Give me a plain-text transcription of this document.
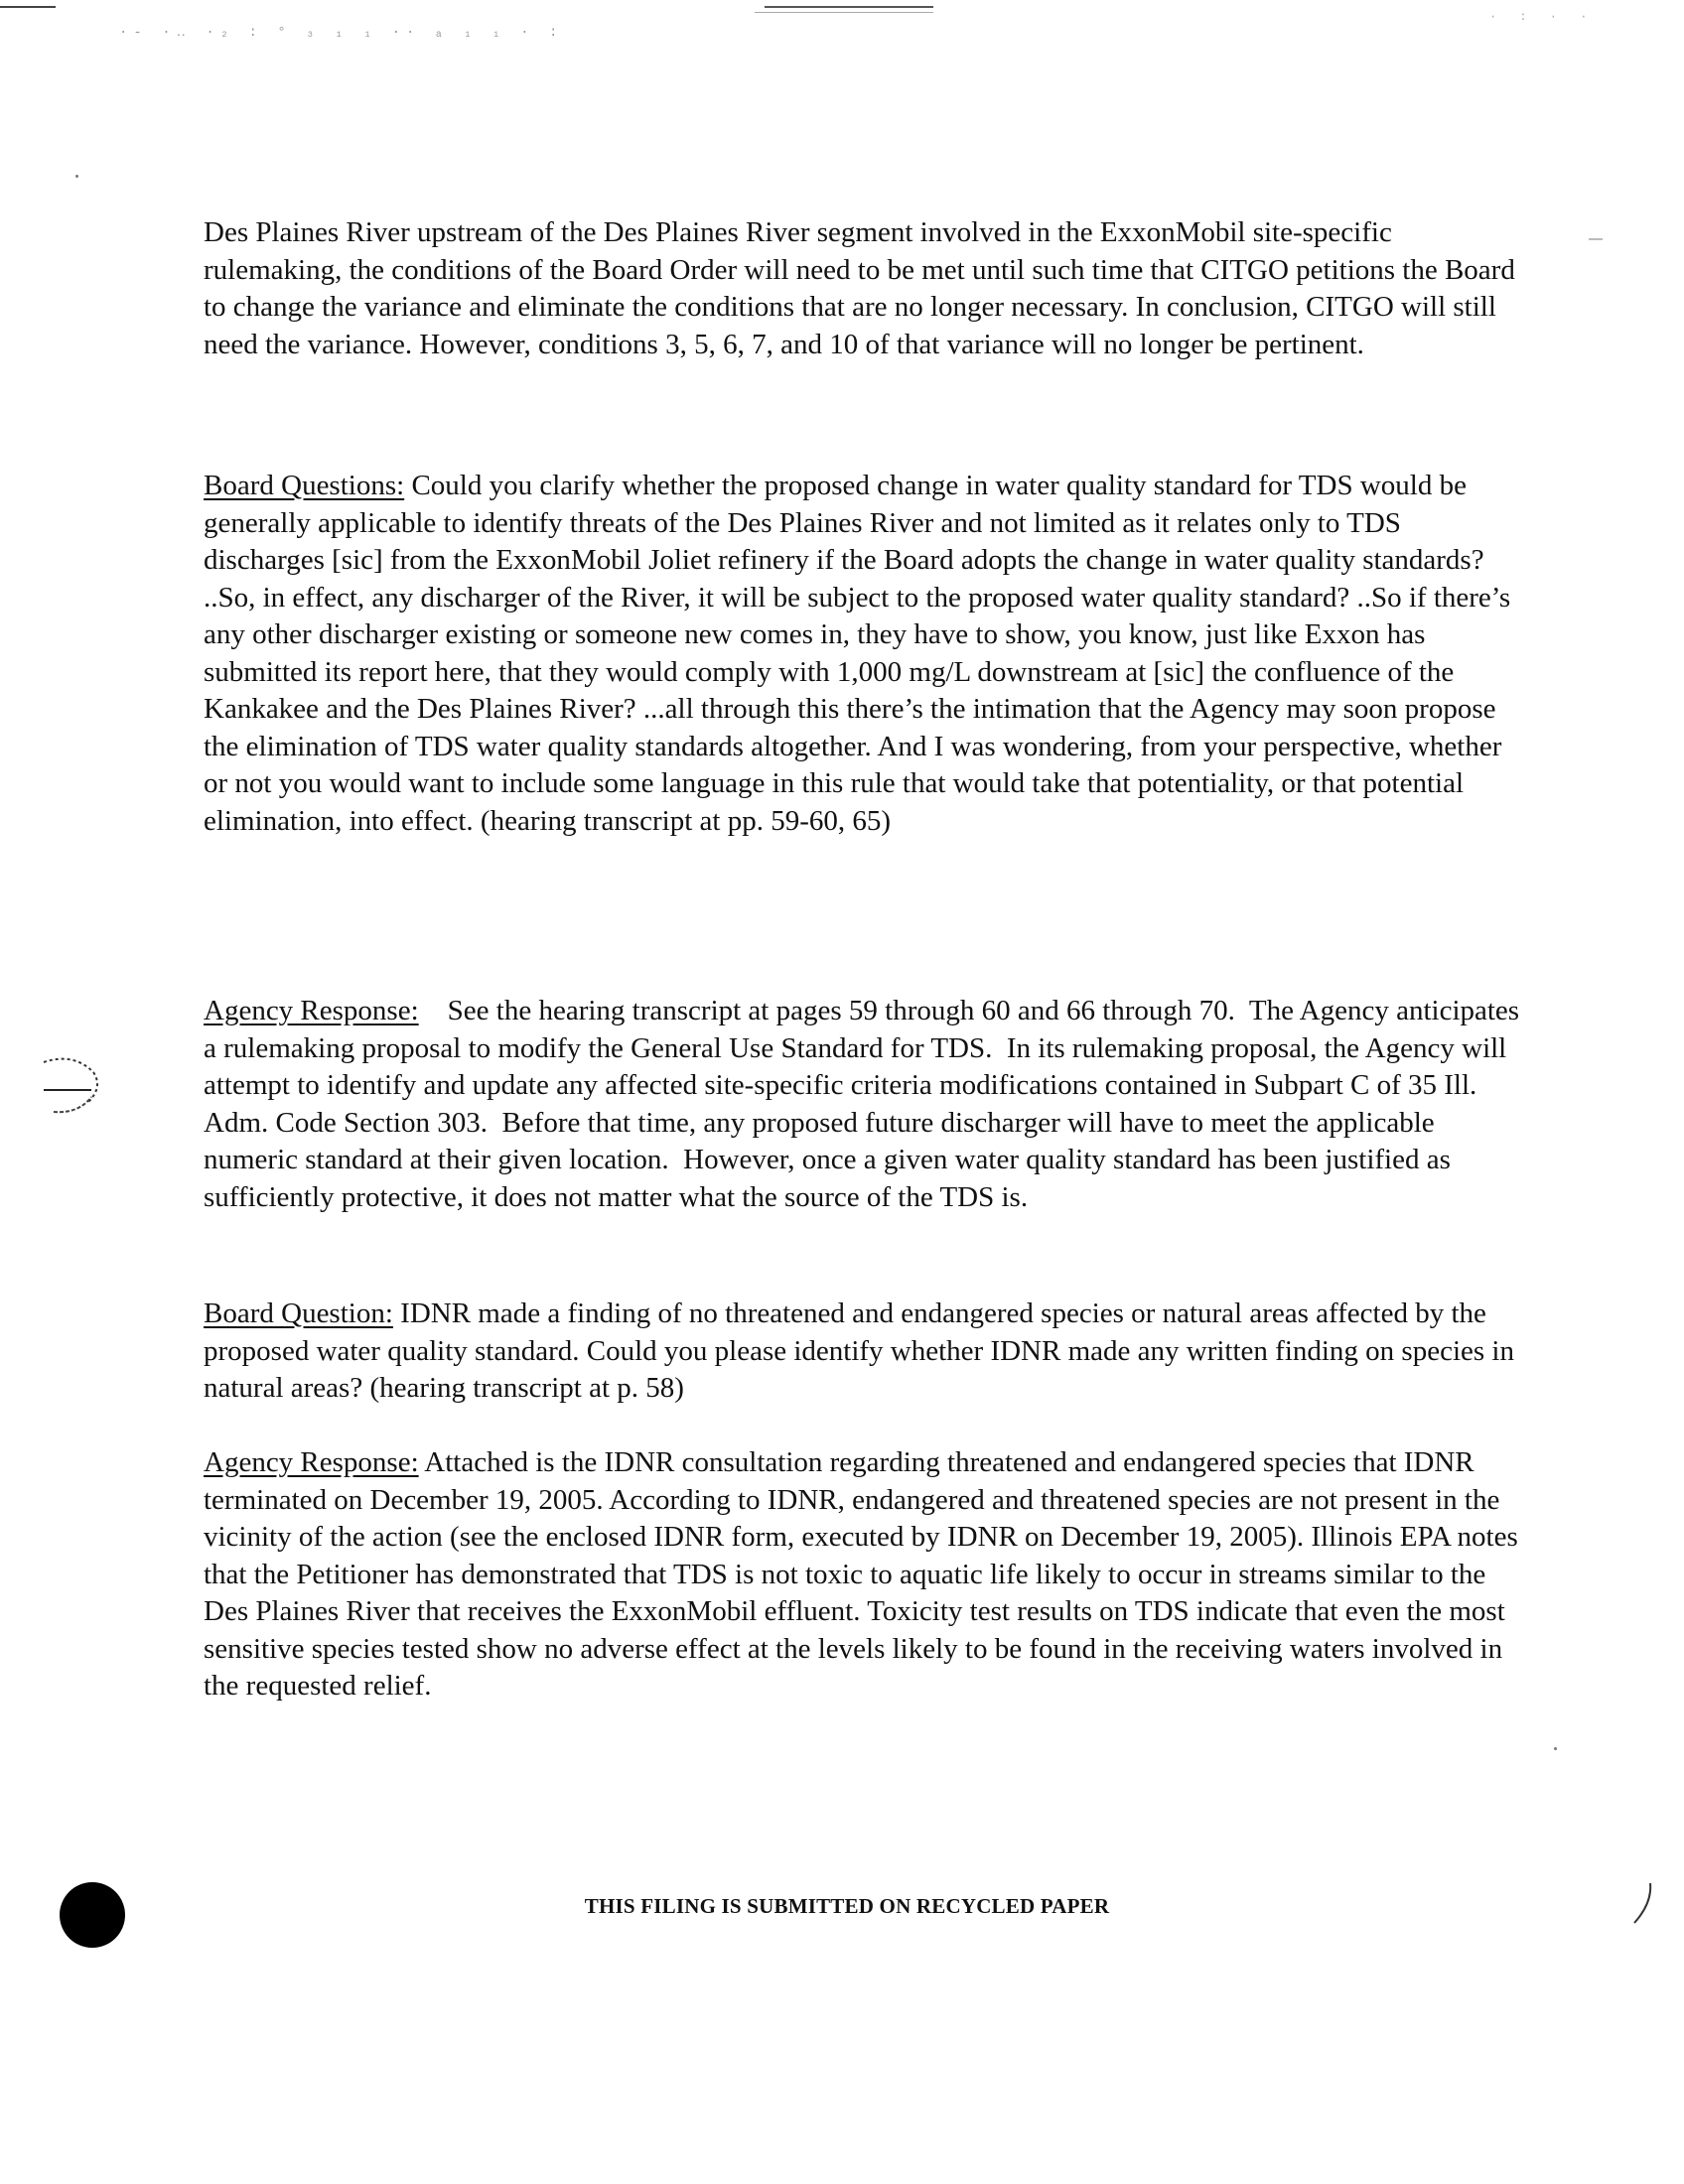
·- ·‥ ·₂ : ° ₃ ₁ ₁ ·· ₐ ₁ ₁ · :
· : · ·

Des Plaines River upstream of the Des Plaines River segment involved in the ExxonMobil site-specific rulemaking, the conditions of the Board Order will need to be met until such time that CITGO petitions the Board to change the variance and eliminate the conditions that are no longer necessary. In conclusion, CITGO will still need the variance. However, conditions 3, 5, 6, 7, and 10 of that variance will no longer be pertinent.

Board Questions: Could you clarify whether the proposed change in water quality standard for TDS would be generally applicable to identify threats of the Des Plaines River and not limited as it relates only to TDS discharges [sic] from the ExxonMobil Joliet refinery if the Board adopts the change in water quality standards? ..So, in effect, any discharger of the River, it will be subject to the proposed water quality standard? ..So if there’s any other discharger existing or someone new comes in, they have to show, you know, just like Exxon has submitted its report here, that they would comply with 1,000 mg/L downstream at [sic] the confluence of the Kankakee and the Des Plaines River? ...all through this there’s the intimation that the Agency may soon propose the elimination of TDS water quality standards altogether. And I was wondering, from your perspective, whether or not you would want to include some language in this rule that would take that potentiality, or that potential elimination, into effect. (hearing transcript at pp. 59-60, 65)

Agency Response:    See the hearing transcript at pages 59 through 60 and 66 through 70.  The Agency anticipates a rulemaking proposal to modify the General Use Standard for TDS.  In its rulemaking proposal, the Agency will attempt to identify and update any affected site-specific criteria modifications contained in Subpart C of 35 Ill. Adm. Code Section 303.  Before that time, any proposed future discharger will have to meet the applicable numeric standard at their given location.  However, once a given water quality standard has been justified as sufficiently protective, it does not matter what the source of the TDS is.

Board Question: IDNR made a finding of no threatened and endangered species or natural areas affected by the proposed water quality standard. Could you please identify whether IDNR made any written finding on species in natural areas? (hearing transcript at p. 58)

Agency Response: Attached is the IDNR consultation regarding threatened and endangered species that IDNR terminated on December 19, 2005. According to IDNR, endangered and threatened species are not present in the vicinity of the action (see the enclosed IDNR form, executed by IDNR on December 19, 2005). Illinois EPA notes that the Petitioner has demonstrated that TDS is not toxic to aquatic life likely to occur in streams similar to the Des Plaines River that receives the ExxonMobil effluent. Toxicity test results on TDS indicate that even the most sensitive species tested show no adverse effect at the levels likely to be found in the receiving waters involved in the requested relief.

THIS FILING IS SUBMITTED ON RECYCLED PAPER
